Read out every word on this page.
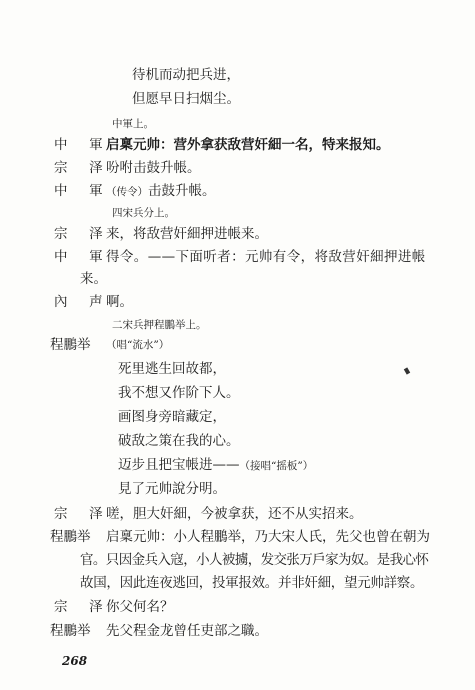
待机而动把兵进，
但愿早日扫烟尘。
中軍上。
中　軍 启稟元帅：营外拿获敌营奸細一名，特来报知。
宗　泽 吩咐击鼓升帳。
中　軍 （传令）击鼓升帳。
四宋兵分上。
宗　泽 来，将敌营奸細押进帳来。
中　軍 得令。——下面听者：元帅有令，将敌营奸細押进帳
来。
內　声 啊。
二宋兵押程鵬举上。
程鵬举 （唱“流水”）
死里逃生回故都，
我不想又作阶下人。
画图身旁暗藏定，
破敌之策在我的心。
迈步且把宝帳进——（接唱“摇板”）
見了元帅說分明。
宗　泽 嗟，胆大奸細，今被拿获，还不从实招来。
程鵬举 启稟元帅：小人程鵬举，乃大宋人氏，先父也曾在朝为
官。只因金兵入寇，小人被擄，发交张万戶家为奴。是我心怀
故国，因此连夜逃回，投軍报效。并非奸細，望元帅詳察。
宗　泽 你父何名？
程鵬举 先父程金龙曾任吏部之職。
268
